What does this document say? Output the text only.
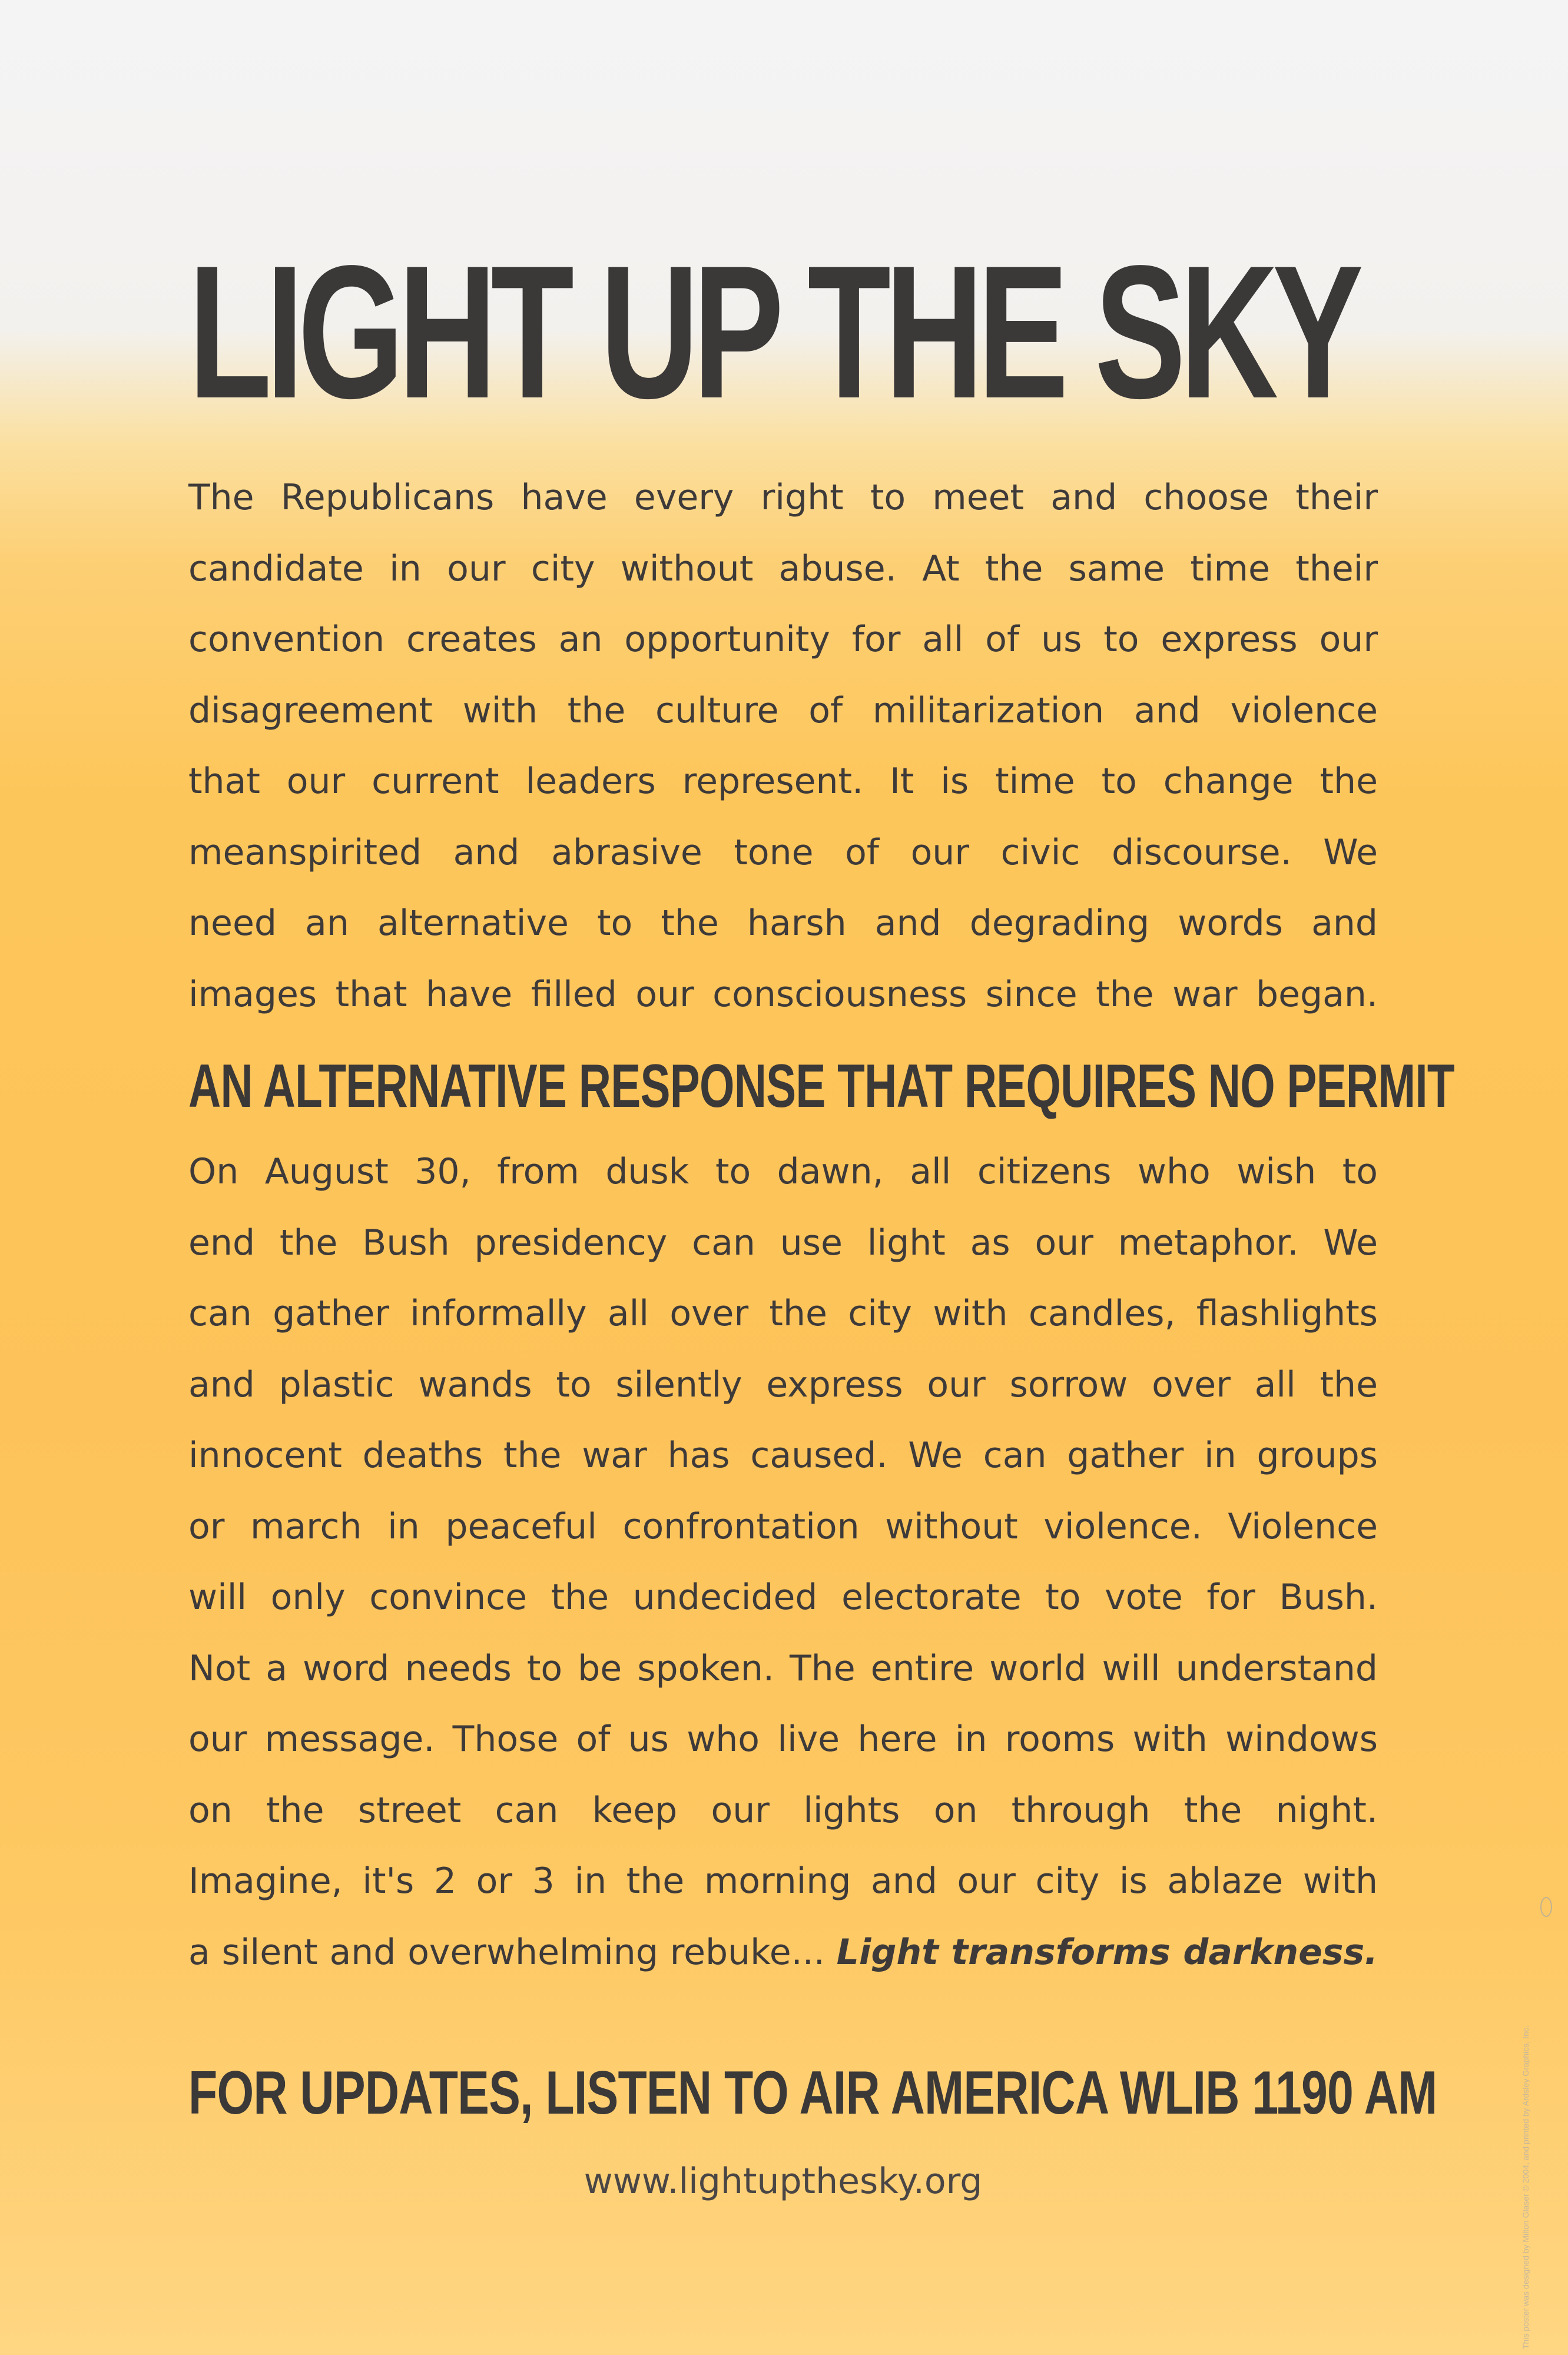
LIGHT UP THE SKY
The Republicans have every right to meet and choose their
candidate in our city without abuse. At the same time their
convention creates an opportunity for all of us to express our
disagreement with the culture of militarization and violence
that our current leaders represent. It is time to change the
meanspirited and abrasive tone of our civic discourse. We
need an alternative to the harsh and degrading words and
images that have filled our consciousness since the war began.
AN ALTERNATIVE RESPONSE THAT REQUIRES NO PERMIT
On August 30, from dusk to dawn, all citizens who wish to
end the Bush presidency can use light as our metaphor. We
can gather informally all over the city with candles, flashlights
and plastic wands to silently express our sorrow over all the
innocent deaths the war has caused. We can gather in groups
or march in peaceful confrontation without violence. Violence
will only convince the undecided electorate to vote for Bush.
Not a word needs to be spoken. The entire world will understand
our message. Those of us who live here in rooms with windows
on the street can keep our lights on through the night.
Imagine, it's 2 or 3 in the morning and our city is ablaze with
a silent and overwhelming rebuke... Light transforms darkness.
FOR UPDATES, LISTEN TO AIR AMERICA WLIB 1190 AM

www.lightupthesky.org	This poster was designed by Milton Glaser © 2004, and printed by Ardsley Graphics, Inc.
